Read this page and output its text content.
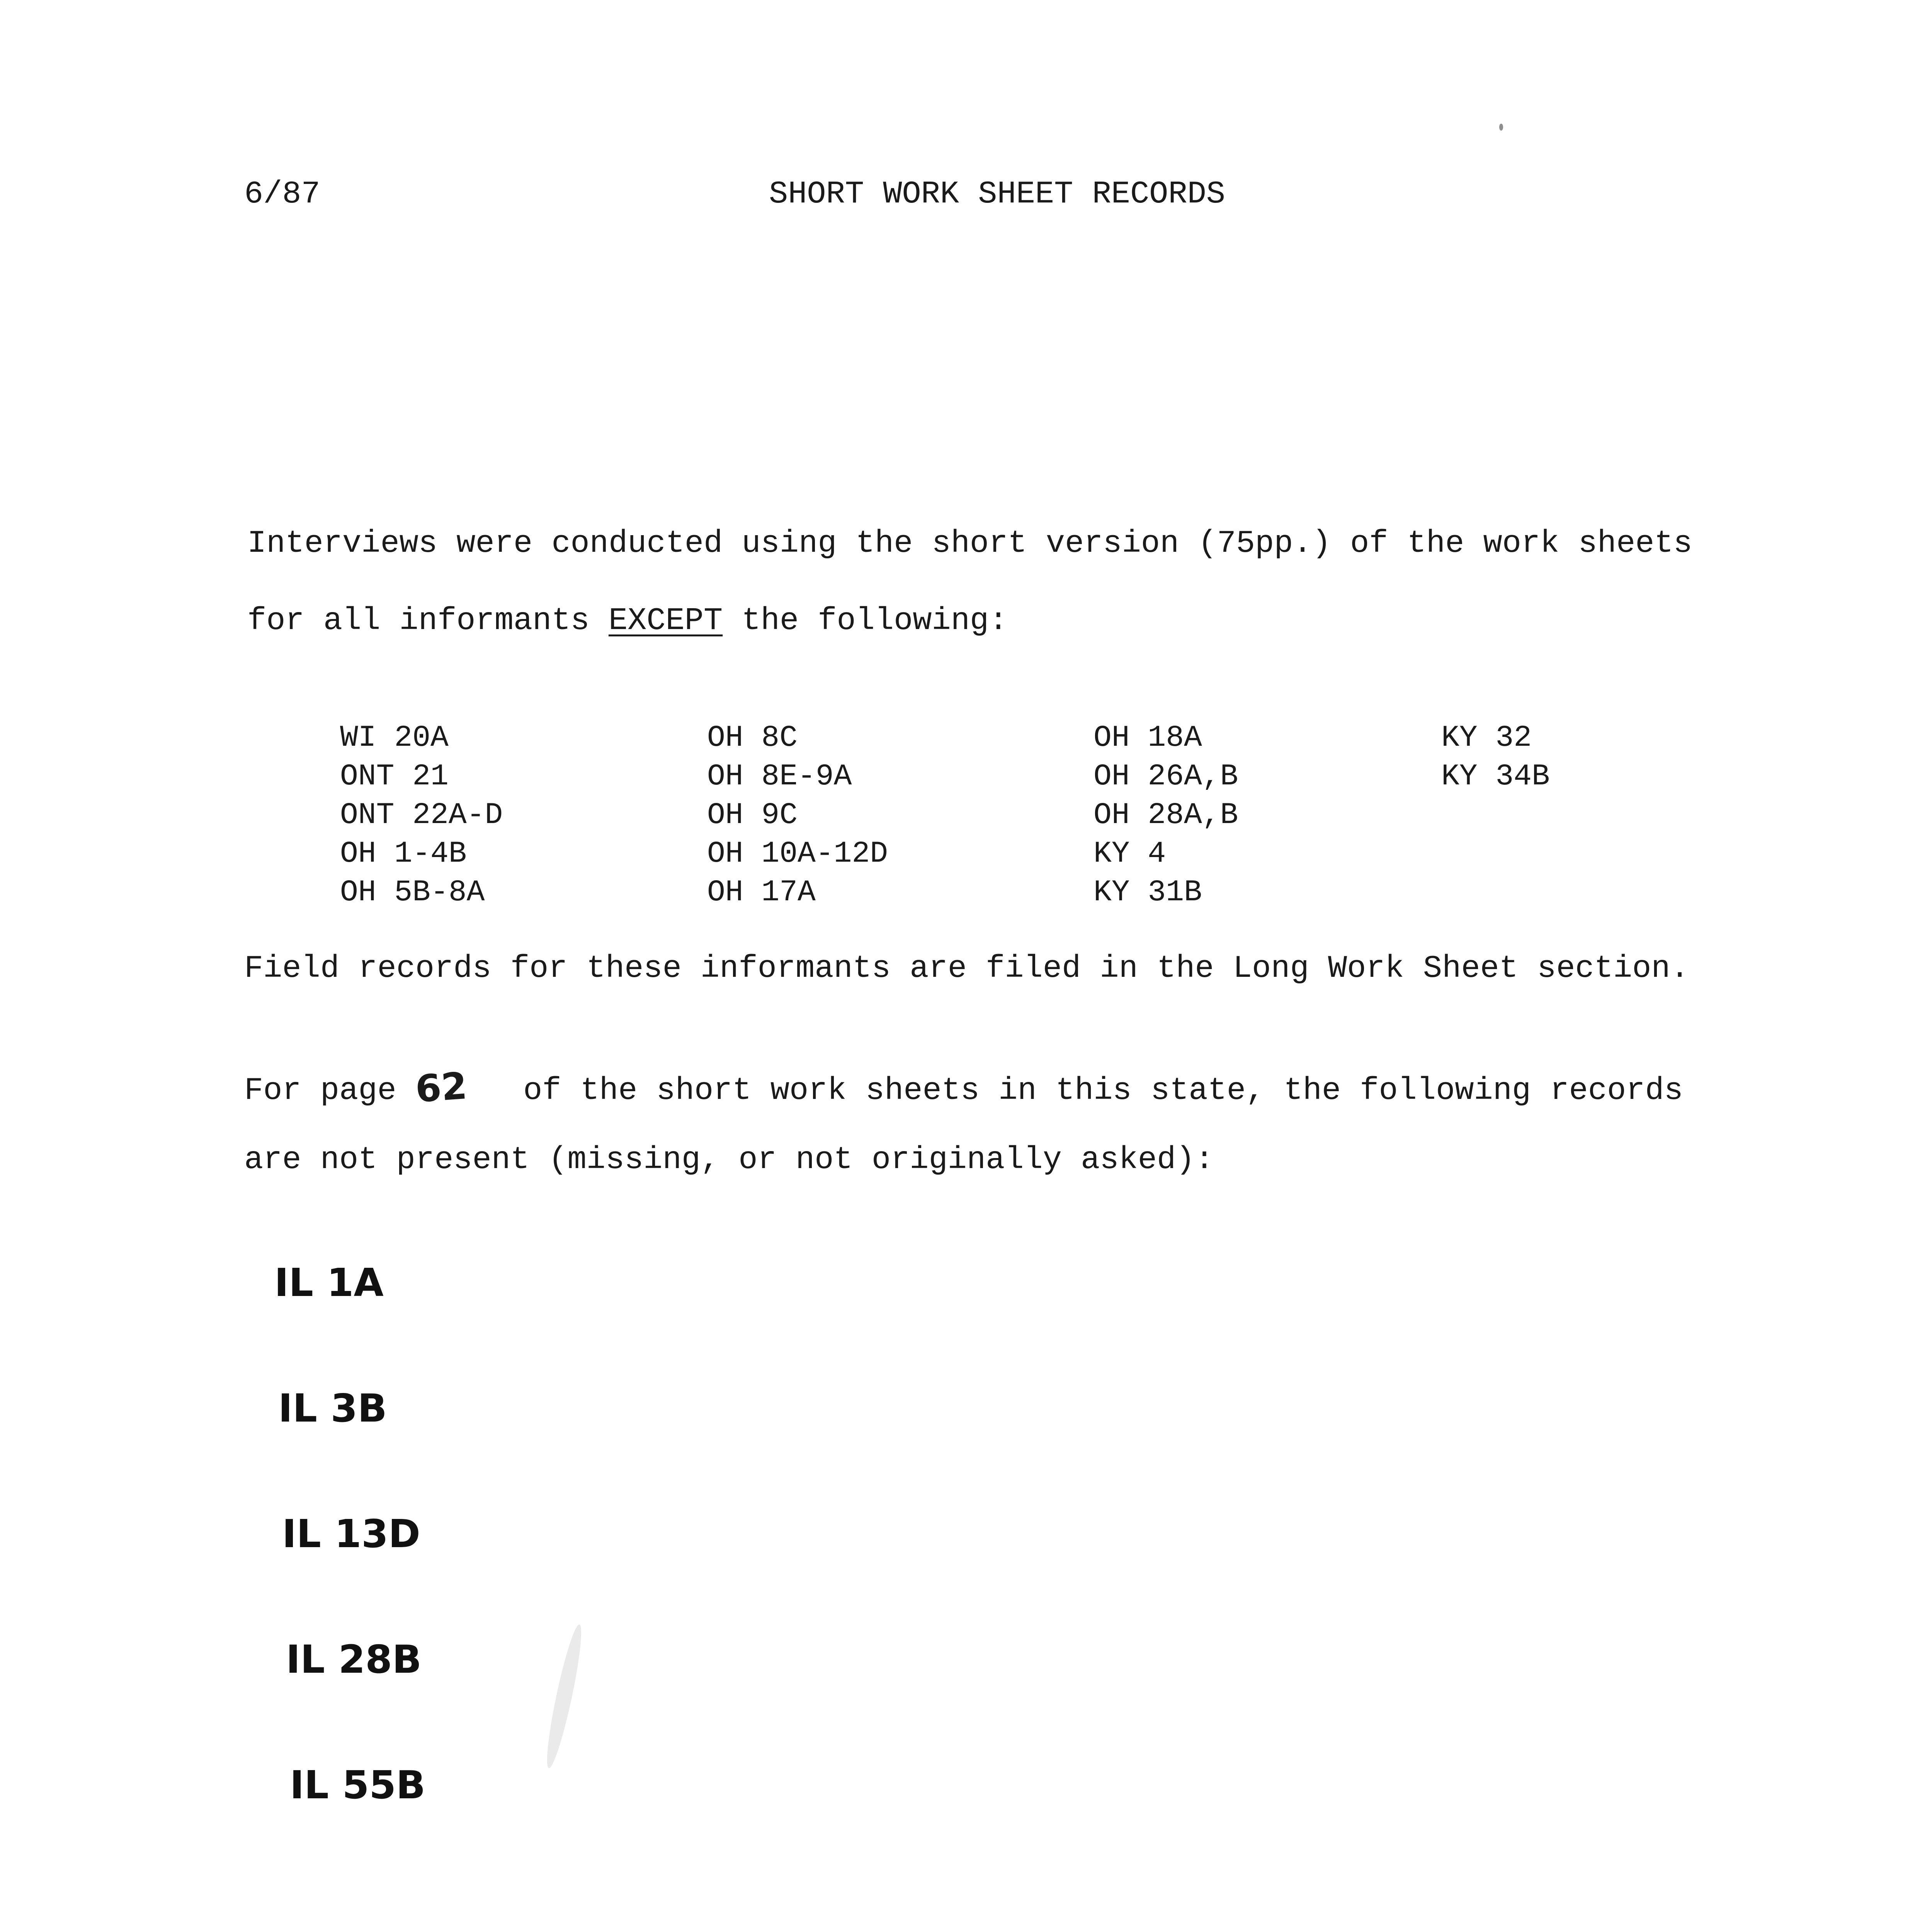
6/87	SHORT WORK SHEET RECORDS
Interviews were conducted using the short version (75pp.) of the work sheets
for all informants EXCEPT the following:
WI 20A
ONT 21
ONT 22A-D
OH 1-4B
OH 5B-8A
OH 8C
OH 8E-9A
OH 9C
OH 10A-12D
OH 17A
OH 18A
OH 26A,B
OH 28A,B
KY 4
KY 31B
KY 32
KY 34B
Field records for these informants are filed in the Long Work Sheet section.
For page 62 of the short work sheets in this state, the following records
are not present (missing, or not originally asked):
IL 1A
IL 3B
IL 13D
IL 28B
IL 55B
